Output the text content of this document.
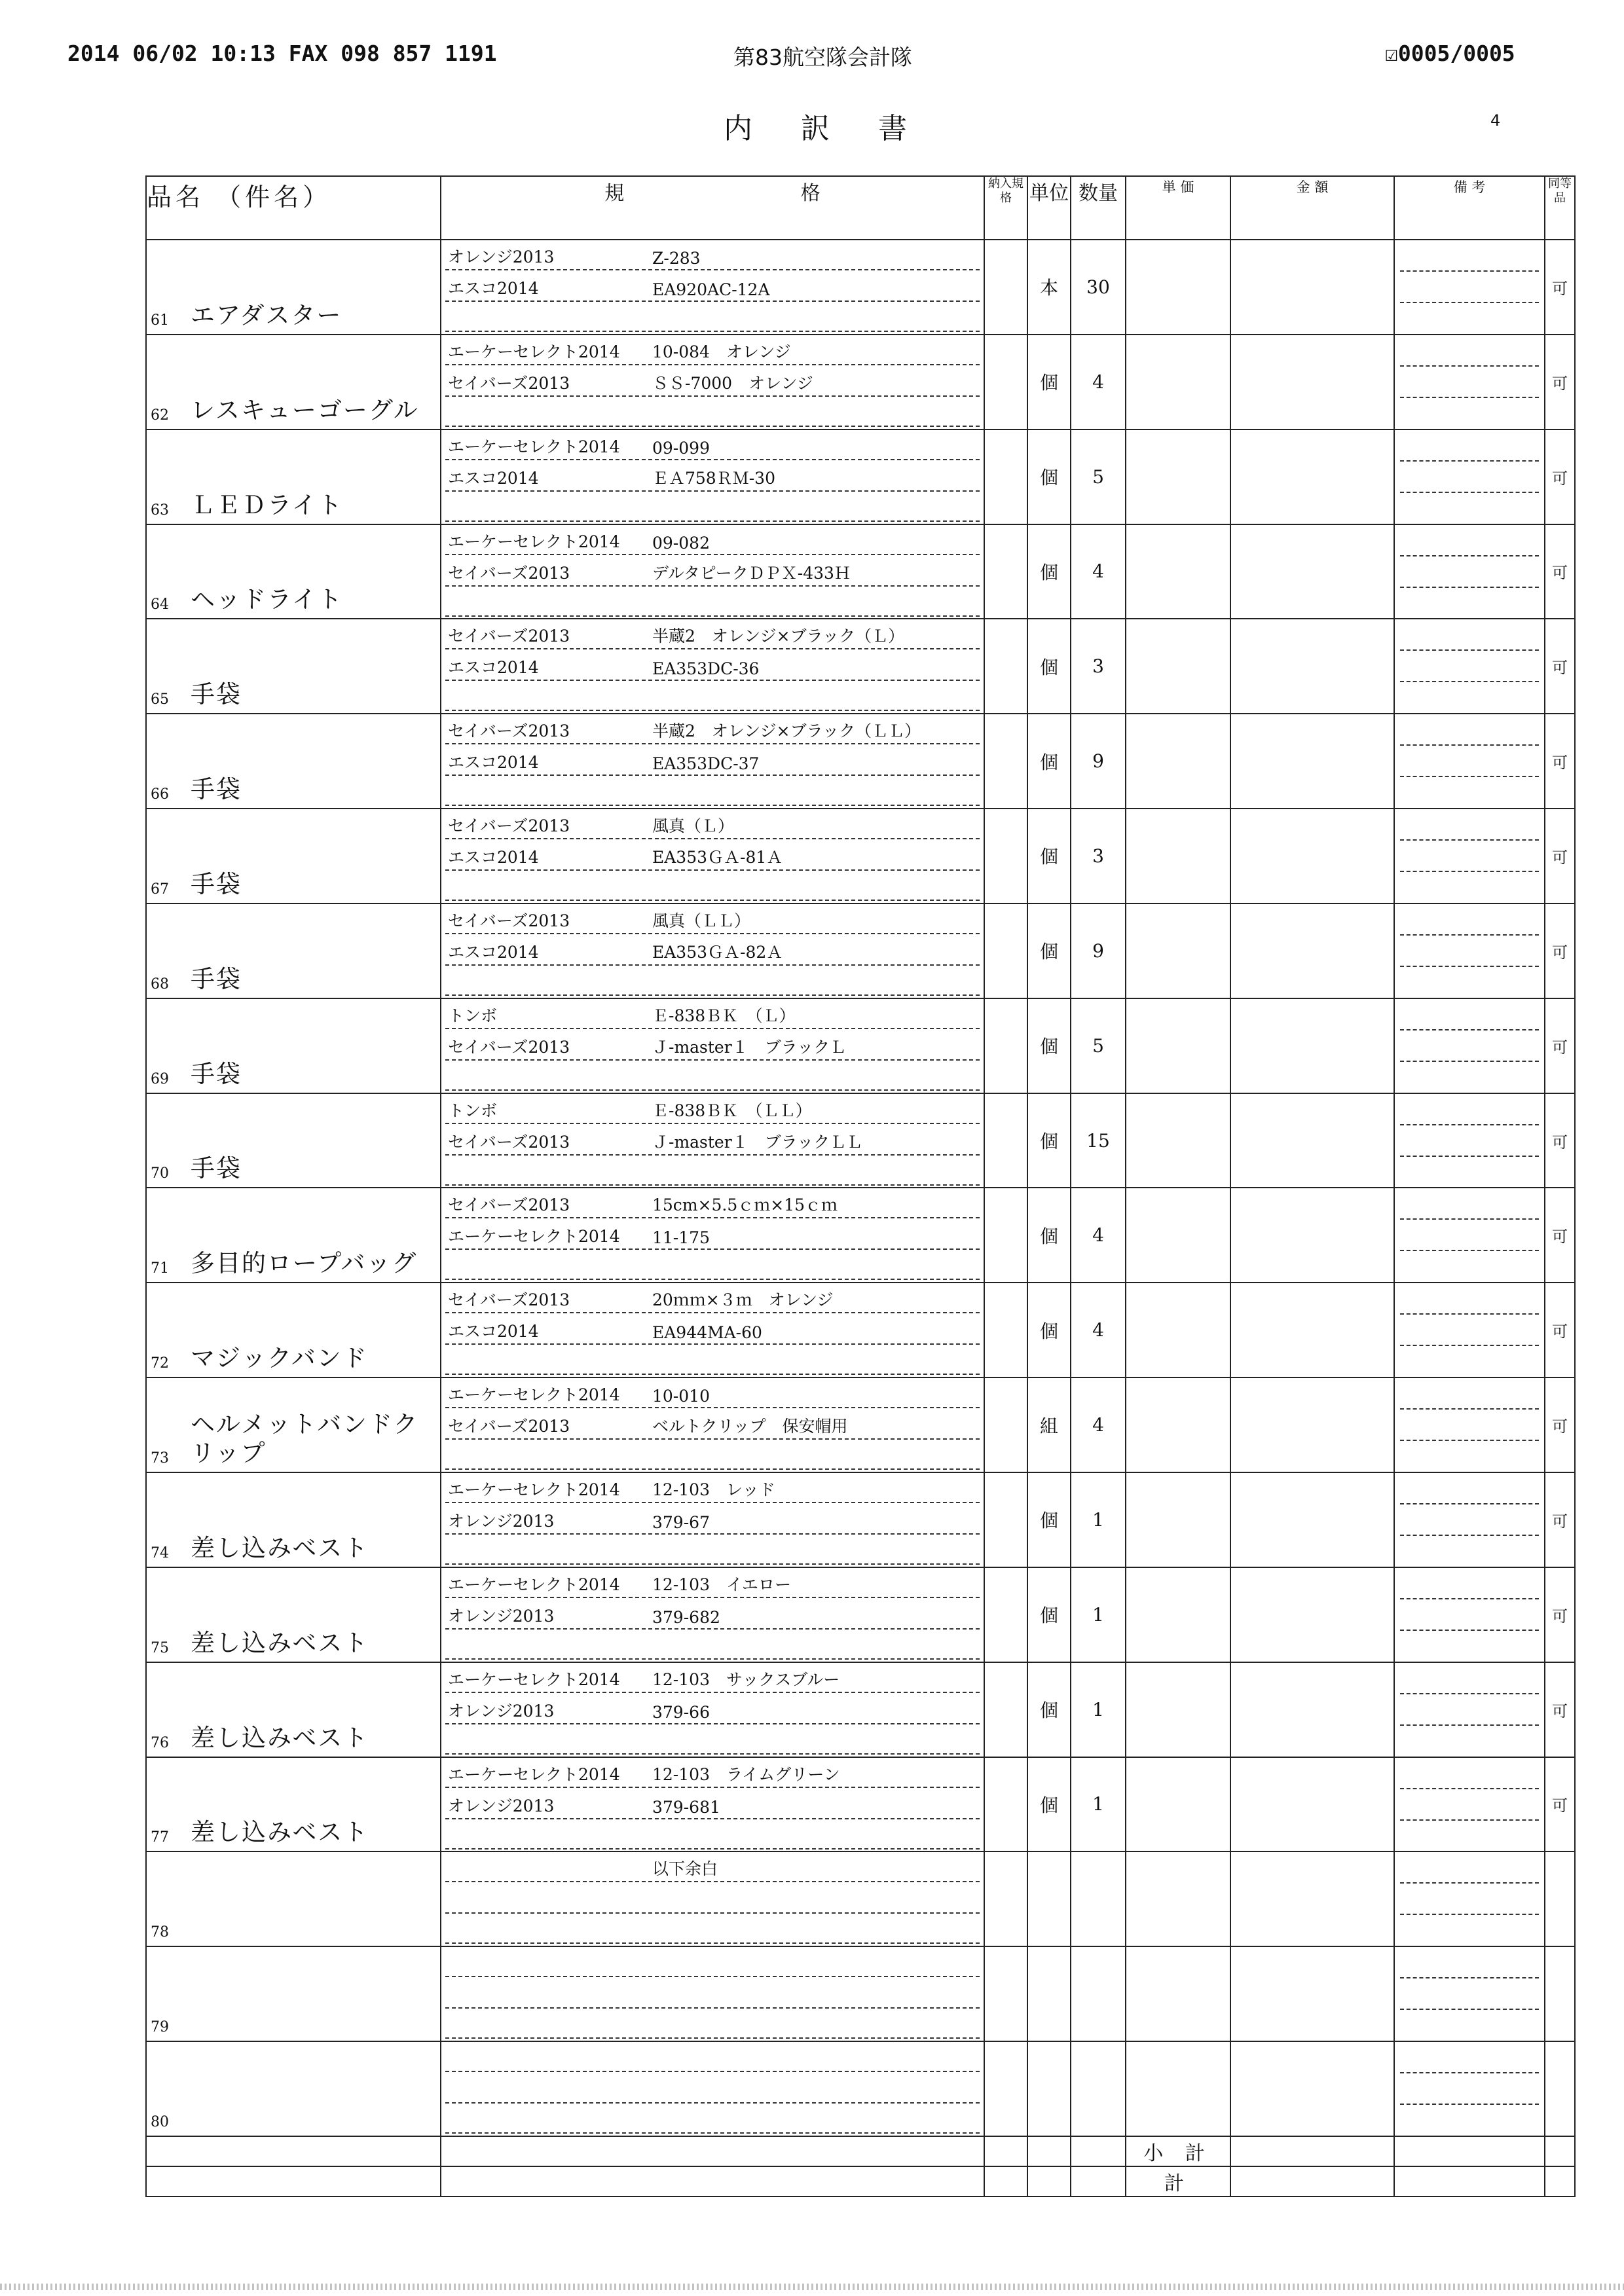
2014 06/02 10:13 FAX 098 857 1191	第83航空隊会計隊	☑0005/0005
内 訳 書	4
品名 （件名）		規 格	納入規格	単位	数量	単 価	金 額	備 考	同等品

61	エアダスター	オレンジ2013 Z-283
エスコ2014 EA920AC-12A		本	30				可

62	レスキューゴーグル	エーケーセレクト2014 10-084　オレンジ
セイバーズ2013 ＳＳ-7000　オレンジ		個	4				可

63	ＬＥＤライト	エーケーセレクト2014 09-099
エスコ2014 ＥＡ758ＲＭ-30		個	5				可

64	ヘッドライト	エーケーセレクト2014 09-082
セイバーズ2013 デルタピークＤＰＸ-433Ｈ		個	4				可

65	手袋	セイバーズ2013 半蔵2　オレンジ×ブラック（Ｌ）
エスコ2014 EA353DC-36		個	3				可

66	手袋	セイバーズ2013 半蔵2　オレンジ×ブラック（ＬＬ）
エスコ2014 EA353DC-37		個	9				可

67	手袋	セイバーズ2013 風真（Ｌ）
エスコ2014 EA353ＧＡ-81Ａ		個	3				可

68	手袋	セイバーズ2013 風真（ＬＬ）
エスコ2014 EA353ＧＡ-82Ａ		個	9				可

69	手袋	トンボ Ｅ-838ＢＫ　（Ｌ）
セイバーズ2013 Ｊ-master１　ブラックＬ		個	5				可

70	手袋	トンボ Ｅ-838ＢＫ　（ＬＬ）
セイバーズ2013 Ｊ-master１　ブラックＬＬ		個	15				可

71	多目的ロープバッグ	セイバーズ2013 15cm×5.5ｃｍ×15ｃｍ
エーケーセレクト2014 11-175		個	4				可

72	マジックバンド	セイバーズ2013 20ｍｍ×３ｍ　オレンジ
エスコ2014 EA944MA-60		個	4				可

73	ヘルメットバンドクリップ	エーケーセレクト2014 10-010
セイバーズ2013 ベルトクリップ　保安帽用		組	4				可

74	差し込みベスト	エーケーセレクト2014 12-103　レッド
オレンジ2013 379-67		個	1				可

75	差し込みベスト	エーケーセレクト2014 12-103　イエロー
オレンジ2013 379-682		個	1				可

76	差し込みベスト	エーケーセレクト2014 12-103　サックスブルー
オレンジ2013 379-66		個	1				可

77	差し込みベスト	エーケーセレクト2014 12-103　ライムグリーン
オレンジ2013 379-681		個	1				可

78		以下余白							

79									

80									

						小 計			
						計			
